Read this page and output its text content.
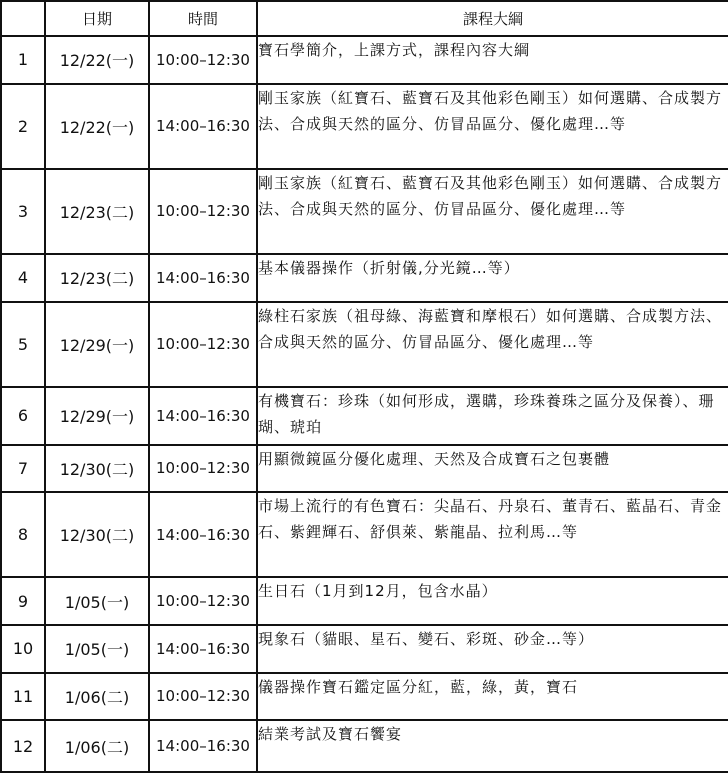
	日期	時間	課程大綱
1	12/22(一)	10:00–12:30	寶石學簡介，上課方式，課程內容大綱
2	12/22(一)	14:00–16:30	剛玉家族（紅寶石、藍寶石及其他彩色剛玉）如何選購、合成製方法、合成與天然的區分、仿冒品區分、優化處理…等
3	12/23(二)	10:00–12:30	剛玉家族（紅寶石、藍寶石及其他彩色剛玉）如何選購、合成製方法、合成與天然的區分、仿冒品區分、優化處理…等
4	12/23(二)	14:00–16:30	基本儀器操作（折射儀,分光鏡…等）
5	12/29(一)	10:00–12:30	綠柱石家族（祖母綠、海藍寶和摩根石）如何選購、合成製方法、合成與天然的區分、仿冒品區分、優化處理…等
6	12/29(一)	14:00–16:30	有機寶石：珍珠（如何形成，選購，珍珠養珠之區分及保養）、珊瑚、琥珀
7	12/30(二)	10:00–12:30	用顯微鏡區分優化處理、天然及合成寶石之包裹體
8	12/30(二)	14:00–16:30	市場上流行的有色寶石：尖晶石、丹泉石、董青石、藍晶石、青金石、紫鋰輝石、舒俱萊、紫龍晶、拉利馬…等
9	1/05(一)	10:00–12:30	生日石（1月到12月，包含水晶）
10	1/05(一)	14:00–16:30	現象石（貓眼、星石、變石、彩斑、砂金…等）
11	1/06(二)	10:00–12:30	儀器操作寶石鑑定區分紅，藍，綠，黃，寶石
12	1/06(二)	14:00–16:30	結業考試及寶石饗宴
